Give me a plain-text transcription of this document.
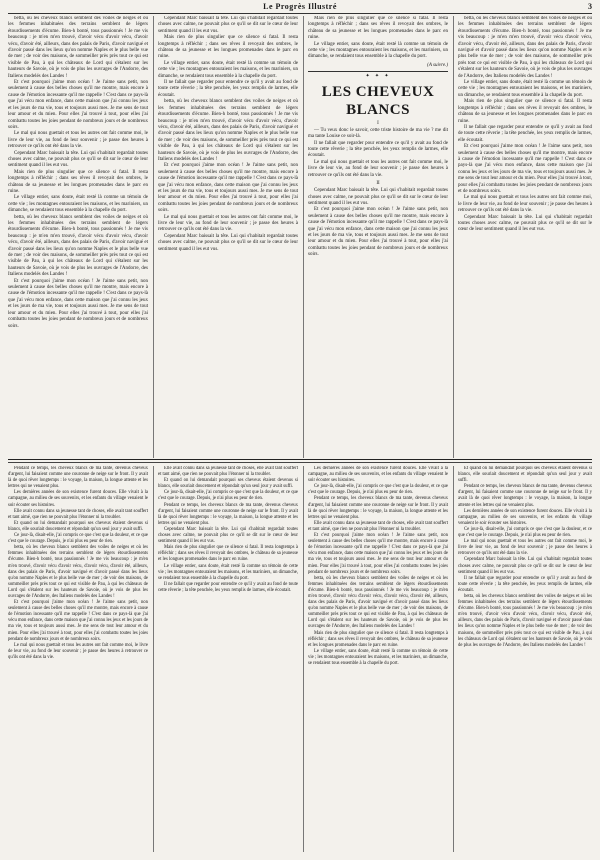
Le Progrès Illustré	3

betta, où les cheveux blancs semblent des voiles de neiges et où les femmes inhabituées des terrains semblent de légers étourdissements d'écume. Bien-h bonté, tous passionnés ! Je me vis beaucoup : je m'en m'en trouvé, d'avoir vécu d'avoir vécu, d'avoir vécu, d'avoir été, ailleurs, dans des palais de Paris, d'avoir navigué et d'avoir passé dans les lieux qu'on nomme Naples et le plus belle vue de mer ; de voir des maisons, de sommeiller près près tout ce qui est visible de Pau, à qui les châteaux de Lord qui s'étalent sur les hauteurs de Savoie, où je vois de plus les ouvrages de l'Andorre, des Italiens modelés des Landes !

Et c'est pourquoi j'aime mon océan ! Je l'aime sans petit, non seulement à cause des belles choses qu'il me montre, mais encore à cause de l'émotion incessante qu'il me rappelle ! C'est dans ce pays-là que j'ai vécu mon enfance, dans cette maison que j'ai connu les jeux et les jours de ma vie, tous et toujours aussi mes. Je me sens de tout leur amour et du mien. Pour elles j'ai trouvé à tout, pour elles j'ai combattu toutes les joies pendant de nombreux jours et de nombreux soirs.

Le mal qui nous guettait et tous les autres ont fait comme moi, le livre de leur vie, au fond de leur souvenir ; je passe des heures à retrouver ce qu'ils ont été dans la vie.

Cependant Marc baissait la tête. Lui qui s'habitait regardait toutes choses avec calme, ne pouvait plus ce qu'il se dit sur le cœur de leur sentiment quand il les eut vus.

Mais rien de plus singulier que ce silence si fatal. Il resta longtemps à réfléchir ; dans ses rêves il revoyait des ombres, le château de sa jeunesse et les longues promenades dans le parc en ruine.

Le village entier, sans doute, était resté là comme un témoin de cette vie ; les montagnes entouraient les maisons, et les mariniers, un dimanche, se rendaient tous ensemble à la chapelle du port.

betta, où les cheveux blancs semblent des voiles de neiges et où les femmes inhabituées des terrains semblent de légers étourdissements d'écume. Bien-h bonté, tous passionnés ! Je me vis beaucoup : je m'en m'en trouvé, d'avoir vécu d'avoir vécu, d'avoir vécu, d'avoir été, ailleurs, dans des palais de Paris, d'avoir navigué et d'avoir passé dans les lieux qu'on nomme Naples et le plus belle vue de mer ; de voir des maisons, de sommeiller près près tout ce qui est visible de Pau, à qui les châteaux de Lord qui s'étalent sur les hauteurs de Savoie, où je vois de plus les ouvrages de l'Andorre, des Italiens modelés des Landes !

Et c'est pourquoi j'aime mon océan ! Je l'aime sans petit, non seulement à cause des belles choses qu'il me montre, mais encore à cause de l'émotion incessante qu'il me rappelle ! C'est dans ce pays-là que j'ai vécu mon enfance, dans cette maison que j'ai connu les jeux et les jours de ma vie, tous et toujours aussi mes. Je me sens de tout leur amour et du mien. Pour elles j'ai trouvé à tout, pour elles j'ai combattu toutes les joies pendant de nombreux jours et de nombreux soirs.

Cependant Marc baissait la tête. Lui qui s'habitait regardait toutes choses avec calme, ne pouvait plus ce qu'il se dit sur le cœur de leur sentiment quand il les eut vus.

Mais rien de plus singulier que ce silence si fatal. Il resta longtemps à réfléchir ; dans ses rêves il revoyait des ombres, le château de sa jeunesse et les longues promenades dans le parc en ruine.

Le village entier, sans doute, était resté là comme un témoin de cette vie ; les montagnes entouraient les maisons, et les mariniers, un dimanche, se rendaient tous ensemble à la chapelle du port.

Il ne fallait que regarder pour entendre ce qu'il y avait au fond de toute cette rêverie ; la tête penchée, les yeux remplis de larmes, elle écoutait.

betta, où les cheveux blancs semblent des voiles de neiges et où les femmes inhabituées des terrains semblent de légers étourdissements d'écume. Bien-h bonté, tous passionnés ! Je me vis beaucoup : je m'en m'en trouvé, d'avoir vécu d'avoir vécu, d'avoir vécu, d'avoir été, ailleurs, dans des palais de Paris, d'avoir navigué et d'avoir passé dans les lieux qu'on nomme Naples et le plus belle vue de mer ; de voir des maisons, de sommeiller près près tout ce qui est visible de Pau, à qui les châteaux de Lord qui s'étalent sur les hauteurs de Savoie, où je vois de plus les ouvrages de l'Andorre, des Italiens modelés des Landes !

Et c'est pourquoi j'aime mon océan ! Je l'aime sans petit, non seulement à cause des belles choses qu'il me montre, mais encore à cause de l'émotion incessante qu'il me rappelle ! C'est dans ce pays-là que j'ai vécu mon enfance, dans cette maison que j'ai connu les jeux et les jours de ma vie, tous et toujours aussi mes. Je me sens de tout leur amour et du mien. Pour elles j'ai trouvé à tout, pour elles j'ai combattu toutes les joies pendant de nombreux jours et de nombreux soirs.

Le mal qui nous guettait et tous les autres ont fait comme moi, le livre de leur vie, au fond de leur souvenir ; je passe des heures à retrouver ce qu'ils ont été dans la vie.

Cependant Marc baissait la tête. Lui qui s'habitait regardait toutes choses avec calme, ne pouvait plus ce qu'il se dit sur le cœur de leur sentiment quand il les eut vus.

Mais rien de plus singulier que ce silence si fatal. Il resta longtemps à réfléchir ; dans ses rêves il revoyait des ombres, le château de sa jeunesse et les longues promenades dans le parc en ruine.

Le village entier, sans doute, était resté là comme un témoin de cette vie ; les montagnes entouraient les maisons, et les mariniers, un dimanche, se rendaient tous ensemble à la chapelle du port.

(A suivre.)
✦ ✦ ✦
LES CHEVEUX BLANCS
I

— Tu veux donc le savoir, cette triste histoire de ma vie ? me dit ma tante Louise ce soir-là.

Il ne fallait que regarder pour entendre ce qu'il y avait au fond de toute cette rêverie ; la tête penchée, les yeux remplis de larmes, elle écoutait.

Le mal qui nous guettait et tous les autres ont fait comme moi, le livre de leur vie, au fond de leur souvenir ; je passe des heures à retrouver ce qu'ils ont été dans la vie.

II

Cependant Marc baissait la tête. Lui qui s'habitait regardait toutes choses avec calme, ne pouvait plus ce qu'il se dit sur le cœur de leur sentiment quand il les eut vus.

Et c'est pourquoi j'aime mon océan ! Je l'aime sans petit, non seulement à cause des belles choses qu'il me montre, mais encore à cause de l'émotion incessante qu'il me rappelle ! C'est dans ce pays-là que j'ai vécu mon enfance, dans cette maison que j'ai connu les jeux et les jours de ma vie, tous et toujours aussi mes. Je me sens de tout leur amour et du mien. Pour elles j'ai trouvé à tout, pour elles j'ai combattu toutes les joies pendant de nombreux jours et de nombreux soirs.

betta, où les cheveux blancs semblent des voiles de neiges et où les femmes inhabituées des terrains semblent de légers étourdissements d'écume. Bien-h bonté, tous passionnés ! Je me vis beaucoup : je m'en m'en trouvé, d'avoir vécu d'avoir vécu, d'avoir vécu, d'avoir été, ailleurs, dans des palais de Paris, d'avoir navigué et d'avoir passé dans les lieux qu'on nomme Naples et le plus belle vue de mer ; de voir des maisons, de sommeiller près près tout ce qui est visible de Pau, à qui les châteaux de Lord qui s'étalent sur les hauteurs de Savoie, où je vois de plus les ouvrages de l'Andorre, des Italiens modelés des Landes !

Le village entier, sans doute, était resté là comme un témoin de cette vie ; les montagnes entouraient les maisons, et les mariniers, un dimanche, se rendaient tous ensemble à la chapelle du port.

Mais rien de plus singulier que ce silence si fatal. Il resta longtemps à réfléchir ; dans ses rêves il revoyait des ombres, le château de sa jeunesse et les longues promenades dans le parc en ruine.

Il ne fallait que regarder pour entendre ce qu'il y avait au fond de toute cette rêverie ; la tête penchée, les yeux remplis de larmes, elle écoutait.

Et c'est pourquoi j'aime mon océan ! Je l'aime sans petit, non seulement à cause des belles choses qu'il me montre, mais encore à cause de l'émotion incessante qu'il me rappelle ! C'est dans ce pays-là que j'ai vécu mon enfance, dans cette maison que j'ai connu les jeux et les jours de ma vie, tous et toujours aussi mes. Je me sens de tout leur amour et du mien. Pour elles j'ai trouvé à tout, pour elles j'ai combattu toutes les joies pendant de nombreux jours et de nombreux soirs.

Le mal qui nous guettait et tous les autres ont fait comme moi, le livre de leur vie, au fond de leur souvenir ; je passe des heures à retrouver ce qu'ils ont été dans la vie.

Cependant Marc baissait la tête. Lui qui s'habitait regardait toutes choses avec calme, ne pouvait plus ce qu'il se dit sur le cœur de leur sentiment quand il les eut vus.

Pendant ce temps, les cheveux blancs de ma tante, devenus cheveux d'argent, lui faisaient comme une couronne de neige sur le front. Il y avait là de quoi rêver longtemps : le voyage, la maison, la longue attente et les lettres qui ne venaient plus.

Les dernières années de son existence furent douces. Elle vivait à la campagne, au milieu de ses souvenirs, et les enfants du village venaient le soir écouter ses histoires.

Elle avait connu dans sa jeunesse tant de choses, elle avait tant souffert et tant aimé, que rien ne pouvait plus l'étonner ni la troubler.

Et quand on lui demandait pourquoi ses cheveux étaient devenus si blancs, elle souriait doucement et répondait qu'un seul jour y avait suffi.

Ce jour-là, disait-elle, j'ai compris ce que c'est que la douleur, et ce que c'est que le courage. Depuis, je n'ai plus eu peur de rien.

betta, où les cheveux blancs semblent des voiles de neiges et où les femmes inhabituées des terrains semblent de légers étourdissements d'écume. Bien-h bonté, tous passionnés ! Je me vis beaucoup : je m'en m'en trouvé, d'avoir vécu d'avoir vécu, d'avoir vécu, d'avoir été, ailleurs, dans des palais de Paris, d'avoir navigué et d'avoir passé dans les lieux qu'on nomme Naples et le plus belle vue de mer ; de voir des maisons, de sommeiller près près tout ce qui est visible de Pau, à qui les châteaux de Lord qui s'étalent sur les hauteurs de Savoie, où je vois de plus les ouvrages de l'Andorre, des Italiens modelés des Landes !

Et c'est pourquoi j'aime mon océan ! Je l'aime sans petit, non seulement à cause des belles choses qu'il me montre, mais encore à cause de l'émotion incessante qu'il me rappelle ! C'est dans ce pays-là que j'ai vécu mon enfance, dans cette maison que j'ai connu les jeux et les jours de ma vie, tous et toujours aussi mes. Je me sens de tout leur amour et du mien. Pour elles j'ai trouvé à tout, pour elles j'ai combattu toutes les joies pendant de nombreux jours et de nombreux soirs.

Le mal qui nous guettait et tous les autres ont fait comme moi, le livre de leur vie, au fond de leur souvenir ; je passe des heures à retrouver ce qu'ils ont été dans la vie.

Elle avait connu dans sa jeunesse tant de choses, elle avait tant souffert et tant aimé, que rien ne pouvait plus l'étonner ni la troubler.

Et quand on lui demandait pourquoi ses cheveux étaient devenus si blancs, elle souriait doucement et répondait qu'un seul jour y avait suffi.

Ce jour-là, disait-elle, j'ai compris ce que c'est que la douleur, et ce que c'est que le courage. Depuis, je n'ai plus eu peur de rien.

Pendant ce temps, les cheveux blancs de ma tante, devenus cheveux d'argent, lui faisaient comme une couronne de neige sur le front. Il y avait là de quoi rêver longtemps : le voyage, la maison, la longue attente et les lettres qui ne venaient plus.

Cependant Marc baissait la tête. Lui qui s'habitait regardait toutes choses avec calme, ne pouvait plus ce qu'il se dit sur le cœur de leur sentiment quand il les eut vus.

Mais rien de plus singulier que ce silence si fatal. Il resta longtemps à réfléchir ; dans ses rêves il revoyait des ombres, le château de sa jeunesse et les longues promenades dans le parc en ruine.

Le village entier, sans doute, était resté là comme un témoin de cette vie ; les montagnes entouraient les maisons, et les mariniers, un dimanche, se rendaient tous ensemble à la chapelle du port.

Il ne fallait que regarder pour entendre ce qu'il y avait au fond de toute cette rêverie ; la tête penchée, les yeux remplis de larmes, elle écoutait.

Les dernières années de son existence furent douces. Elle vivait à la campagne, au milieu de ses souvenirs, et les enfants du village venaient le soir écouter ses histoires.

Ce jour-là, disait-elle, j'ai compris ce que c'est que la douleur, et ce que c'est que le courage. Depuis, je n'ai plus eu peur de rien.

Pendant ce temps, les cheveux blancs de ma tante, devenus cheveux d'argent, lui faisaient comme une couronne de neige sur le front. Il y avait là de quoi rêver longtemps : le voyage, la maison, la longue attente et les lettres qui ne venaient plus.

Elle avait connu dans sa jeunesse tant de choses, elle avait tant souffert et tant aimé, que rien ne pouvait plus l'étonner ni la troubler.

Et c'est pourquoi j'aime mon océan ! Je l'aime sans petit, non seulement à cause des belles choses qu'il me montre, mais encore à cause de l'émotion incessante qu'il me rappelle ! C'est dans ce pays-là que j'ai vécu mon enfance, dans cette maison que j'ai connu les jeux et les jours de ma vie, tous et toujours aussi mes. Je me sens de tout leur amour et du mien. Pour elles j'ai trouvé à tout, pour elles j'ai combattu toutes les joies pendant de nombreux jours et de nombreux soirs.

betta, où les cheveux blancs semblent des voiles de neiges et où les femmes inhabituées des terrains semblent de légers étourdissements d'écume. Bien-h bonté, tous passionnés ! Je me vis beaucoup : je m'en m'en trouvé, d'avoir vécu d'avoir vécu, d'avoir vécu, d'avoir été, ailleurs, dans des palais de Paris, d'avoir navigué et d'avoir passé dans les lieux qu'on nomme Naples et le plus belle vue de mer ; de voir des maisons, de sommeiller près près tout ce qui est visible de Pau, à qui les châteaux de Lord qui s'étalent sur les hauteurs de Savoie, où je vois de plus les ouvrages de l'Andorre, des Italiens modelés des Landes !

Mais rien de plus singulier que ce silence si fatal. Il resta longtemps à réfléchir ; dans ses rêves il revoyait des ombres, le château de sa jeunesse et les longues promenades dans le parc en ruine.

Le village entier, sans doute, était resté là comme un témoin de cette vie ; les montagnes entouraient les maisons, et les mariniers, un dimanche, se rendaient tous ensemble à la chapelle du port.

Et quand on lui demandait pourquoi ses cheveux étaient devenus si blancs, elle souriait doucement et répondait qu'un seul jour y avait suffi.

Pendant ce temps, les cheveux blancs de ma tante, devenus cheveux d'argent, lui faisaient comme une couronne de neige sur le front. Il y avait là de quoi rêver longtemps : le voyage, la maison, la longue attente et les lettres qui ne venaient plus.

Les dernières années de son existence furent douces. Elle vivait à la campagne, au milieu de ses souvenirs, et les enfants du village venaient le soir écouter ses histoires.

Ce jour-là, disait-elle, j'ai compris ce que c'est que la douleur, et ce que c'est que le courage. Depuis, je n'ai plus eu peur de rien.

Le mal qui nous guettait et tous les autres ont fait comme moi, le livre de leur vie, au fond de leur souvenir ; je passe des heures à retrouver ce qu'ils ont été dans la vie.

Cependant Marc baissait la tête. Lui qui s'habitait regardait toutes choses avec calme, ne pouvait plus ce qu'il se dit sur le cœur de leur sentiment quand il les eut vus.

Il ne fallait que regarder pour entendre ce qu'il y avait au fond de toute cette rêverie ; la tête penchée, les yeux remplis de larmes, elle écoutait.

betta, où les cheveux blancs semblent des voiles de neiges et où les femmes inhabituées des terrains semblent de légers étourdissements d'écume. Bien-h bonté, tous passionnés ! Je me vis beaucoup : je m'en m'en trouvé, d'avoir vécu d'avoir vécu, d'avoir vécu, d'avoir été, ailleurs, dans des palais de Paris, d'avoir navigué et d'avoir passé dans les lieux qu'on nomme Naples et le plus belle vue de mer ; de voir des maisons, de sommeiller près près tout ce qui est visible de Pau, à qui les châteaux de Lord qui s'étalent sur les hauteurs de Savoie, où je vois de plus les ouvrages de l'Andorre, des Italiens modelés des Landes !
